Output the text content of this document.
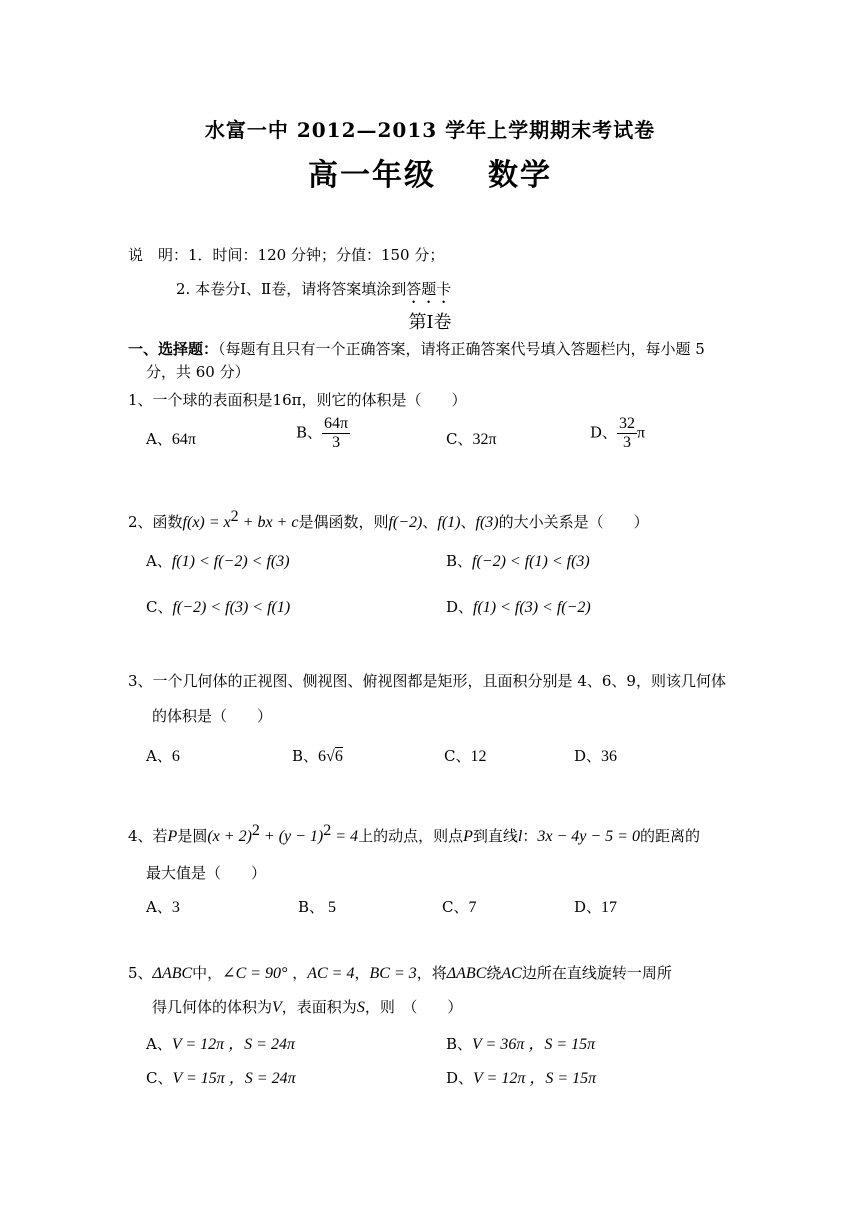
水富一中 2012—2013 学年上学期期末考试卷
高一年级 数学
说　明：1．时间：120 分钟；分值：150 分；
2. 本卷分Ⅰ、Ⅱ卷，请将答案填涂到答题卡
第Ⅰ卷
一、选择题：（每题有且只有一个正确答案，请将正确答案代号填入答题栏内，每小题 5
分，共 60 分）
1、一个球的表面积是16π，则它的体积是（　　）
A、64π	B、 $\frac{64\pi}{3}$	C、32π	D、 $\frac{32}{3}$ π
2、函数$f(x) = x^2$ + bx + c是偶函数，则f(−2)、f(1)、f(3)的大小关系是（　　）
A、f(1) < f(−2) < f(3)	B、f(−2) < f(1) < f(3)
C、f(−2) < f(3) < f(1)	D、f(1) < f(3) < f(−2)
3、一个几何体的正视图、侧视图、俯视图都是矩形，且面积分别是 4、6、9，则该几何体
的体积是（　　）
A、6	B、6√6	C、12	D、36
4、若P是圆$(x + 2)^2 + (y - 1)^2 = 4$上的动点，则点P到直线l：3x − 4y − 5 = 0的距离的
最大值是（　　）
A、3	B、 5	C、7	D、17
5、ΔABC中，∠C = 90° ，AC = 4，BC = 3，将ΔABC绕AC边所在直线旋转一周所
得几何体的体积为V，表面积为S，则　（　　）
A、V = 12π ，S = 24π	B、V = 36π ，S = 15π
C、V = 15π ，S = 24π	D、V = 12π ，S = 15π
